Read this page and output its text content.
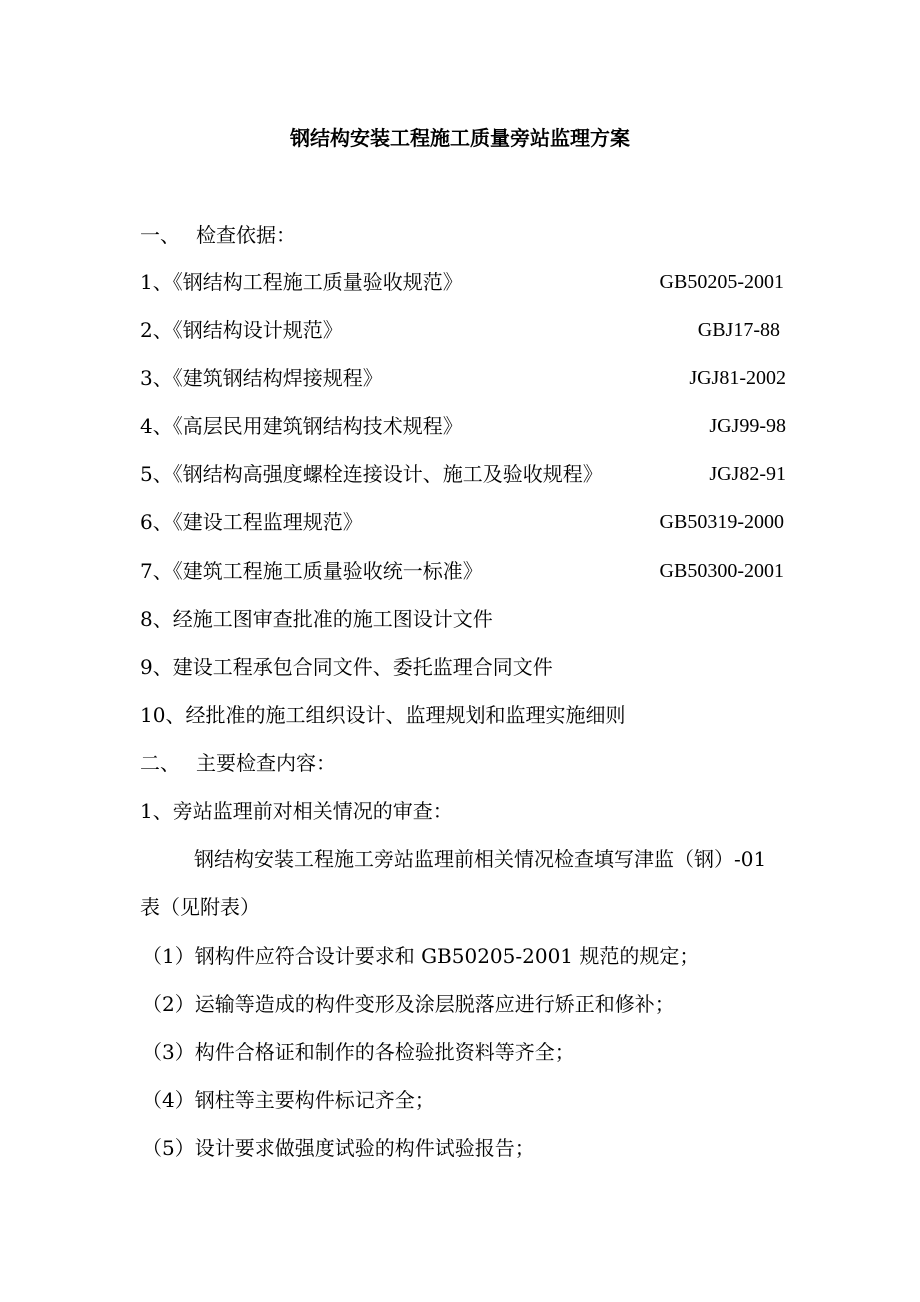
钢结构安装工程施工质量旁站监理方案
一、 检查依据：
1、《钢结构工程施工质量验收规范》	GB50205-2001
2、《钢结构设计规范》	GBJ17-88
3、《建筑钢结构焊接规程》	JGJ81-2002
4、《高层民用建筑钢结构技术规程》	JGJ99-98
5、《钢结构高强度螺栓连接设计、施工及验收规程》	JGJ82-91
6、《建设工程监理规范》	GB50319-2000
7、《建筑工程施工质量验收统一标准》	GB50300-2001
8、经施工图审查批准的施工图设计文件
9、建设工程承包合同文件、委托监理合同文件
10、经批准的施工组织设计、监理规划和监理实施细则
二、 主要检查内容：
1、旁站监理前对相关情况的审查：
钢结构安装工程施工旁站监理前相关情况检查填写津监（钢）-01
表（见附表）
（1）钢构件应符合设计要求和 GB50205-2001 规范的规定；
（2）运输等造成的构件变形及涂层脱落应进行矫正和修补；
（3）构件合格证和制作的各检验批资料等齐全；
（4）钢柱等主要构件标记齐全；
（5）设计要求做强度试验的构件试验报告；
